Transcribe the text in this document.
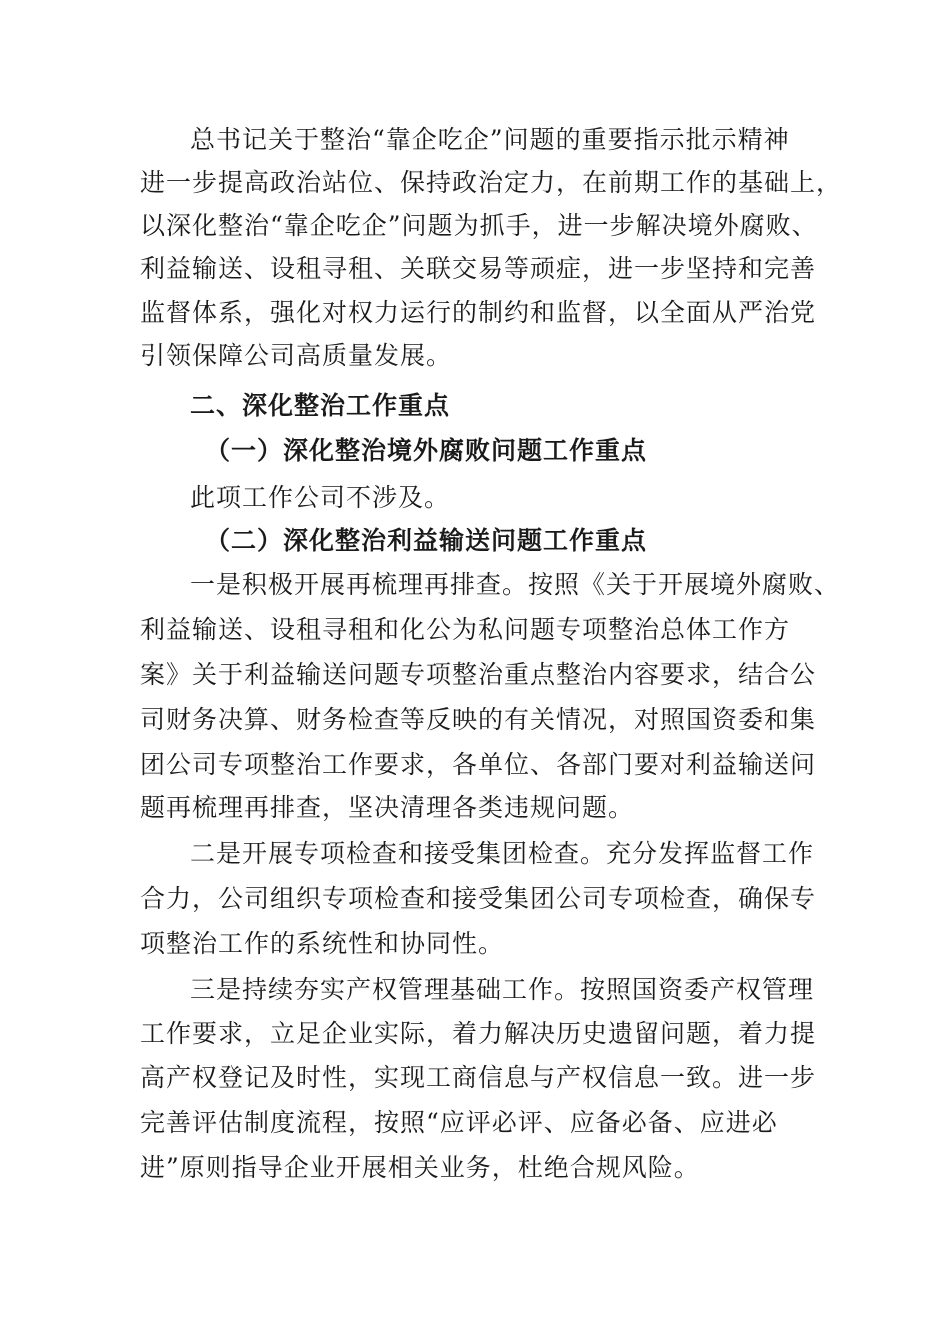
总书记关于整治“靠企吃企”问题的重要指示批示精神
进一步提高政治站位、保持政治定力，在前期工作的基础上，
以深化整治“靠企吃企”问题为抓手，进一步解决境外腐败、
利益输送、设租寻租、关联交易等顽症，进一步坚持和完善
监督体系，强化对权力运行的制约和监督，以全面从严治党
引领保障公司高质量发展。
二、深化整治工作重点
（一）深化整治境外腐败问题工作重点
此项工作公司不涉及。
（二）深化整治利益输送问题工作重点
一是积极开展再梳理再排查。按照《关于开展境外腐败、
利益输送、设租寻租和化公为私问题专项整治总体工作方
案》关于利益输送问题专项整治重点整治内容要求，结合公
司财务决算、财务检查等反映的有关情况，对照国资委和集
团公司专项整治工作要求，各单位、各部门要对利益输送问
题再梳理再排查，坚决清理各类违规问题。
二是开展专项检查和接受集团检查。充分发挥监督工作
合力，公司组织专项检查和接受集团公司专项检查，确保专
项整治工作的系统性和协同性。
三是持续夯实产权管理基础工作。按照国资委产权管理
工作要求，立足企业实际，着力解决历史遗留问题，着力提
高产权登记及时性，实现工商信息与产权信息一致。进一步
完善评估制度流程，按照“应评必评、应备必备、应进必
进”原则指导企业开展相关业务，杜绝合规风险。
